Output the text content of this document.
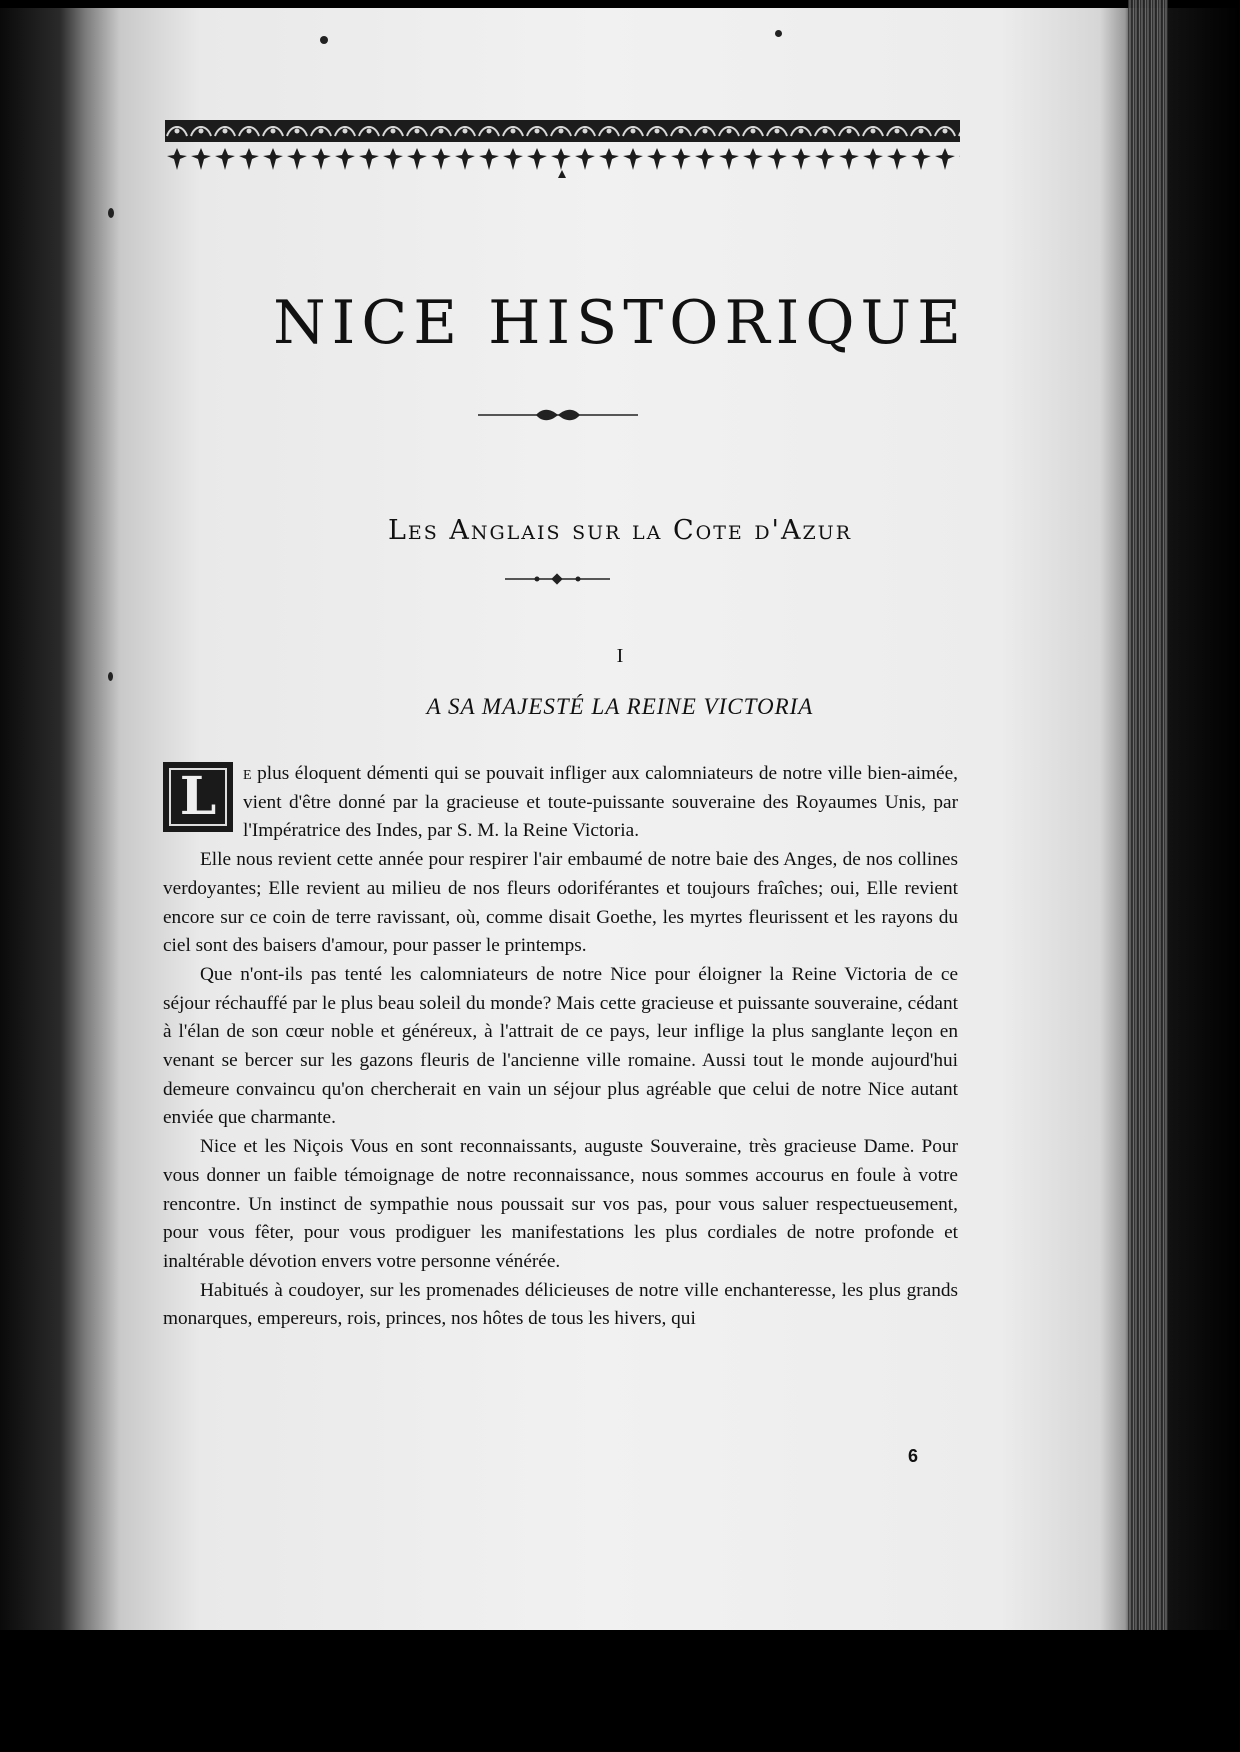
NICE HISTORIQUE
Les Anglais sur la Cote d'Azur
I
A SA MAJESTÉ LA REINE VICTORIA

L	e plus éloquent démenti qui se pouvait infliger aux calomniateurs de notre ville bien-aimée, vient d'être donné par la gracieuse et toute-puissante souveraine des Royaumes Unis, par l'Impératrice des Indes, par S. M. la Reine Victoria.

Elle nous revient cette année pour respirer l'air embaumé de notre baie des Anges, de nos collines verdoyantes; Elle revient au milieu de nos fleurs odoriférantes et toujours fraîches; oui, Elle revient encore sur ce coin de terre ravissant, où, comme disait Goethe, les myrtes fleurissent et les rayons du ciel sont des baisers d'amour, pour passer le printemps.

Que n'ont-ils pas tenté les calomniateurs de notre Nice pour éloigner la Reine Victoria de ce séjour réchauffé par le plus beau soleil du monde? Mais cette gracieuse et puissante souveraine, cédant à l'élan de son cœur noble et généreux, à l'attrait de ce pays, leur inflige la plus sanglante leçon en venant se bercer sur les gazons fleuris de l'ancienne ville romaine. Aussi tout le monde aujourd'hui demeure convaincu qu'on chercherait en vain un séjour plus agréable que celui de notre Nice autant enviée que charmante.

Nice et les Niçois Vous en sont reconnaissants, auguste Souveraine, très gracieuse Dame. Pour vous donner un faible témoignage de notre reconnaissance, nous sommes accourus en foule à votre rencontre. Un instinct de sympathie nous poussait sur vos pas, pour vous saluer respectueusement, pour vous fêter, pour vous prodiguer les manifestations les plus cordiales de notre profonde et inaltérable dévotion envers votre personne vénérée.

Habitués à coudoyer, sur les promenades délicieuses de notre ville enchanteresse, les plus grands monarques, empereurs, rois, princes, nos hôtes de tous les hivers, qui

6
